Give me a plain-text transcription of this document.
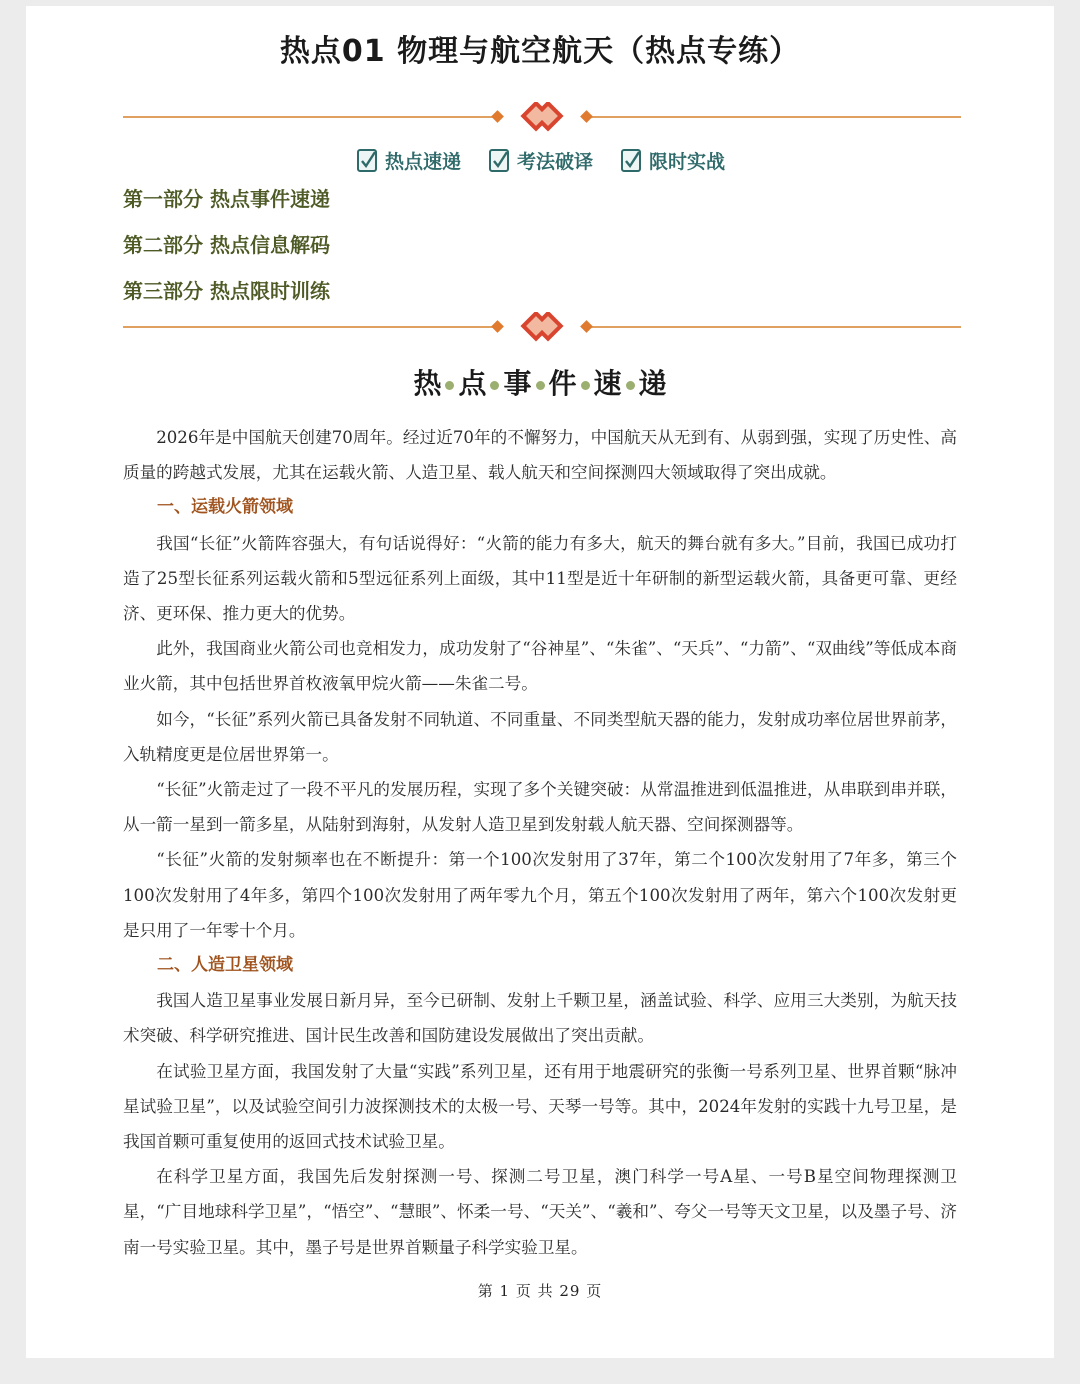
热点01 物理与航空航天（热点专练）
热点速递	考法破译	限时实战
第一部分 热点事件速递
第二部分 热点信息解码
第三部分 热点限时训练
热 点 事 件 速 递

2026年是中国航天创建70周年。经过近70年的不懈努力，中国航天从无到有、从弱到强，实现了历史性、高质量的跨越式发展，尤其在运载火箭、人造卫星、载人航天和空间探测四大领域取得了突出成就。

一、运载火箭领域

我国“长征”火箭阵容强大，有句话说得好：“火箭的能力有多大，航天的舞台就有多大。”目前，我国已成功打造了25型长征系列运载火箭和5型远征系列上面级，其中11型是近十年研制的新型运载火箭，具备更可靠、更经济、更环保、推力更大的优势。

此外，我国商业火箭公司也竞相发力，成功发射了“谷神星”、“朱雀”、“天兵”、“力箭”、“双曲线”等低成本商业火箭，其中包括世界首枚液氧甲烷火箭——朱雀二号。

如今，“长征”系列火箭已具备发射不同轨道、不同重量、不同类型航天器的能力，发射成功率位居世界前茅，入轨精度更是位居世界第一。

“长征”火箭走过了一段不平凡的发展历程，实现了多个关键突破：从常温推进到低温推进，从串联到串并联，从一箭一星到一箭多星，从陆射到海射，从发射人造卫星到发射载人航天器、空间探测器等。

“长征”火箭的发射频率也在不断提升：第一个100次发射用了37年，第二个100次发射用了7年多，第三个100次发射用了4年多，第四个100次发射用了两年零九个月，第五个100次发射用了两年，第六个100次发射更是只用了一年零十个月。

二、人造卫星领域

我国人造卫星事业发展日新月异，至今已研制、发射上千颗卫星，涵盖试验、科学、应用三大类别，为航天技术突破、科学研究推进、国计民生改善和国防建设发展做出了突出贡献。

在试验卫星方面，我国发射了大量“实践”系列卫星，还有用于地震研究的张衡一号系列卫星、世界首颗“脉冲星试验卫星”，以及试验空间引力波探测技术的太极一号、天琴一号等。其中，2024年发射的实践十九号卫星，是我国首颗可重复使用的返回式技术试验卫星。

在科学卫星方面，我国先后发射探测一号、探测二号卫星，澳门科学一号A星、一号B星空间物理探测卫星，“广目地球科学卫星”，“悟空”、“慧眼”、怀柔一号、“天关”、“羲和”、夸父一号等天文卫星，以及墨子号、济南一号实验卫星。其中，墨子号是世界首颗量子科学实验卫星。

第 1 页 共 29 页
